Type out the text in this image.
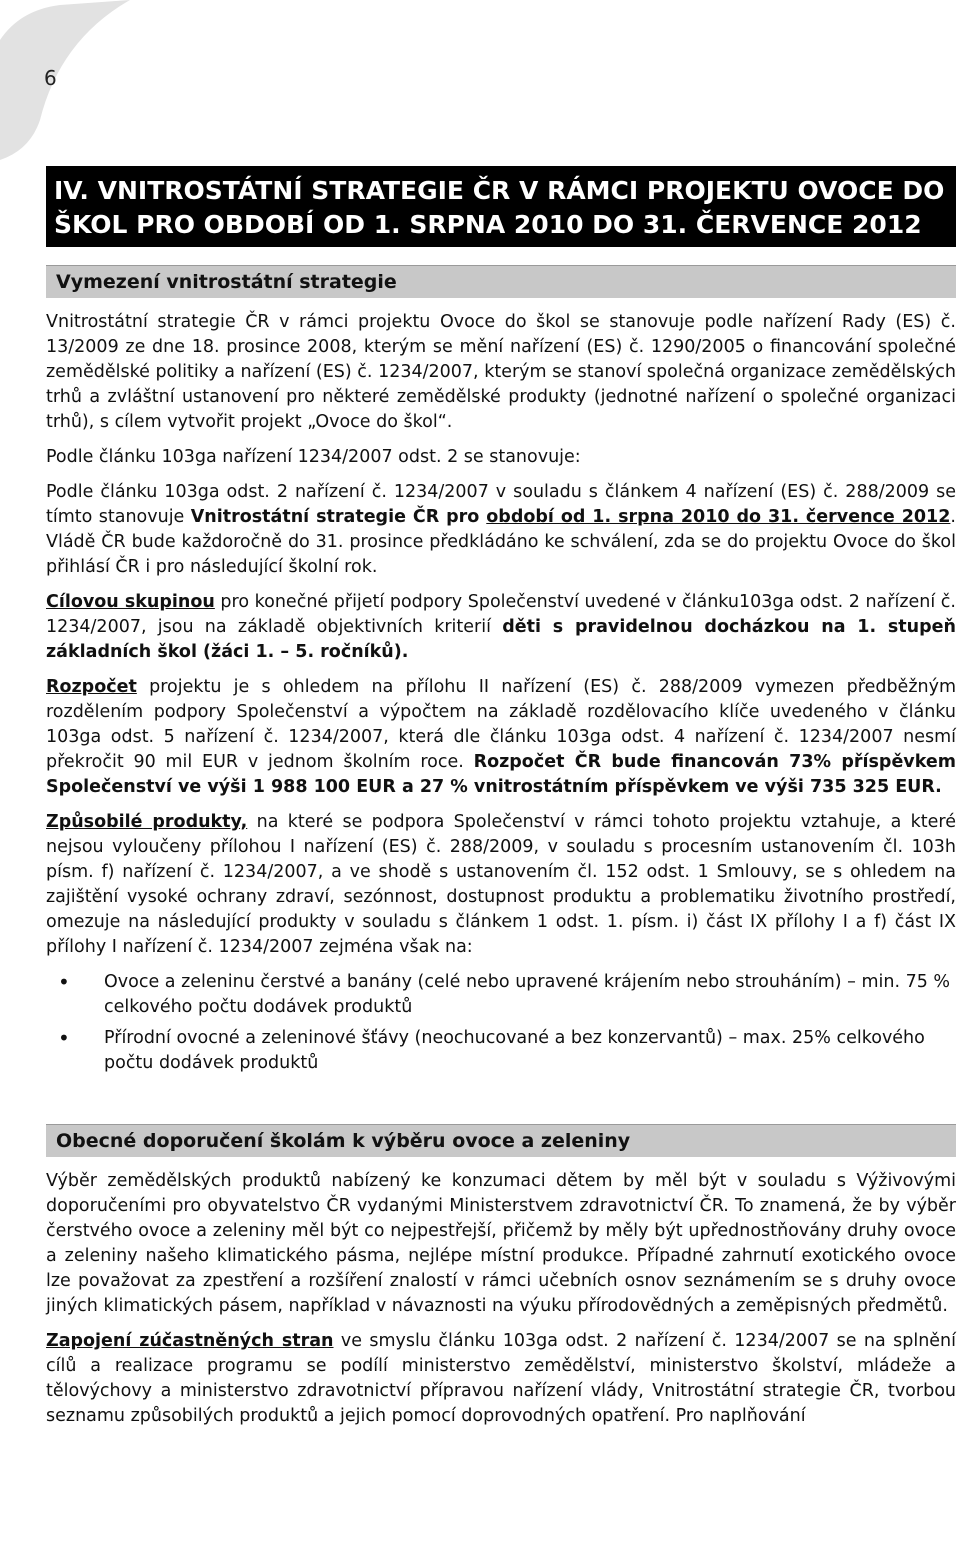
6
IV. VNITROSTÁTNÍ STRATEGIE ČR V RÁMCI PROJEKTU OVOCE DO ŠKOL PRO OBDOBÍ OD 1. SRPNA 2010 DO 31. ČERVENCE 2012
Vymezení vnitrostátní strategie

Vnitrostátní strategie ČR v rámci projektu Ovoce do škol se stanovuje podle nařízení Rady (ES) č. 13/2009 ze dne 18. prosince 2008, kterým se mění nařízení (ES) č. 1290/2005 o financování společné zemědělské politiky a nařízení (ES) č. 1234/2007, kterým se stanoví společná organizace zemědělských trhů a zvláštní ustanovení pro některé zemědělské produkty (jednotné nařízení o společné organizaci trhů), s cílem vytvořit projekt „Ovoce do škol“.

Podle článku 103ga nařízení 1234/2007 odst. 2 se stanovuje:

Podle článku 103ga odst. 2 nařízení č. 1234/2007 v souladu s článkem 4 nařízení (ES) č. 288/2009 se tímto stanovuje Vnitrostátní strategie ČR pro období od 1. srpna 2010 do 31. července 2012. Vládě ČR bude každoročně do 31. prosince předkládáno ke schválení, zda se do projektu Ovoce do škol přihlásí ČR i pro následující školní rok.

Cílovou skupinou pro konečné přijetí podpory Společenství uvedené v článku103ga odst. 2 nařízení č. 1234/2007, jsou na základě objektivních kriterií děti s pravidelnou docházkou na 1. stupeň základních škol (žáci 1. – 5. ročníků).

Rozpočet projektu je s ohledem na přílohu II nařízení (ES) č. 288/2009 vymezen předběžným rozdělením podpory Společenství a výpočtem na základě rozdělovacího klíče uvedeného v článku 103ga odst. 5 nařízení č. 1234/2007, která dle článku 103ga odst. 4 nařízení č. 1234/2007 nesmí překročit 90 mil EUR v jednom školním roce. Rozpočet ČR bude financován 73% příspěvkem Společenství ve výši 1 988 100 EUR a 27 % vnitrostátním příspěvkem ve výši 735 325 EUR.

Způsobilé produkty, na které se podpora Společenství v rámci tohoto projektu vztahuje, a které nejsou vyloučeny přílohou I nařízení (ES) č. 288/2009, v souladu s procesním ustanovením čl. 103h písm. f) nařízení č. 1234/2007, a ve shodě s ustanovením čl. 152 odst. 1 Smlouvy, se s ohledem na zajištění vysoké ochrany zdraví, sezónnost, dostupnost produktu a problematiku životního prostředí, omezuje na následující produkty v souladu s článkem 1 odst. 1. písm. i) část IX přílohy I a f) část IX přílohy I nařízení č. 1234/2007 zejména však na:

• Ovoce a zeleninu čerstvé a banány (celé nebo upravené krájením nebo strouháním) – min. 75 % celkového počtu dodávek produktů
• Přírodní ovocné a zeleninové šťávy (neochucované a bez konzervantů) – max. 25% celkového počtu dodávek produktů
Obecné doporučení školám k výběru ovoce a zeleniny

Výběr zemědělských produktů nabízený ke konzumaci dětem by měl být v souladu s Výživovými doporučeními pro obyvatelstvo ČR vydanými Ministerstvem zdravotnictví ČR. To znamená, že by výběr čerstvého ovoce a zeleniny měl být co nejpestřejší, přičemž by měly být upřednostňovány druhy ovoce a zeleniny našeho klimatického pásma, nejlépe místní produkce. Případné zahrnutí exotického ovoce lze považovat za zpestření a rozšíření znalostí v rámci učebních osnov seznámením se s druhy ovoce jiných klimatických pásem, například v návaznosti na výuku přírodovědných a zeměpisných předmětů.

Zapojení zúčastněných stran ve smyslu článku 103ga odst. 2 nařízení č. 1234/2007 se na splnění cílů a realizace programu se podílí ministerstvo zemědělství, ministerstvo školství, mládeže a tělovýchovy a ministerstvo zdravotnictví přípravou nařízení vlády, Vnitrostátní strategie ČR, tvorbou seznamu způsobilých produktů a jejich pomocí doprovodných opatření. Pro naplňování
